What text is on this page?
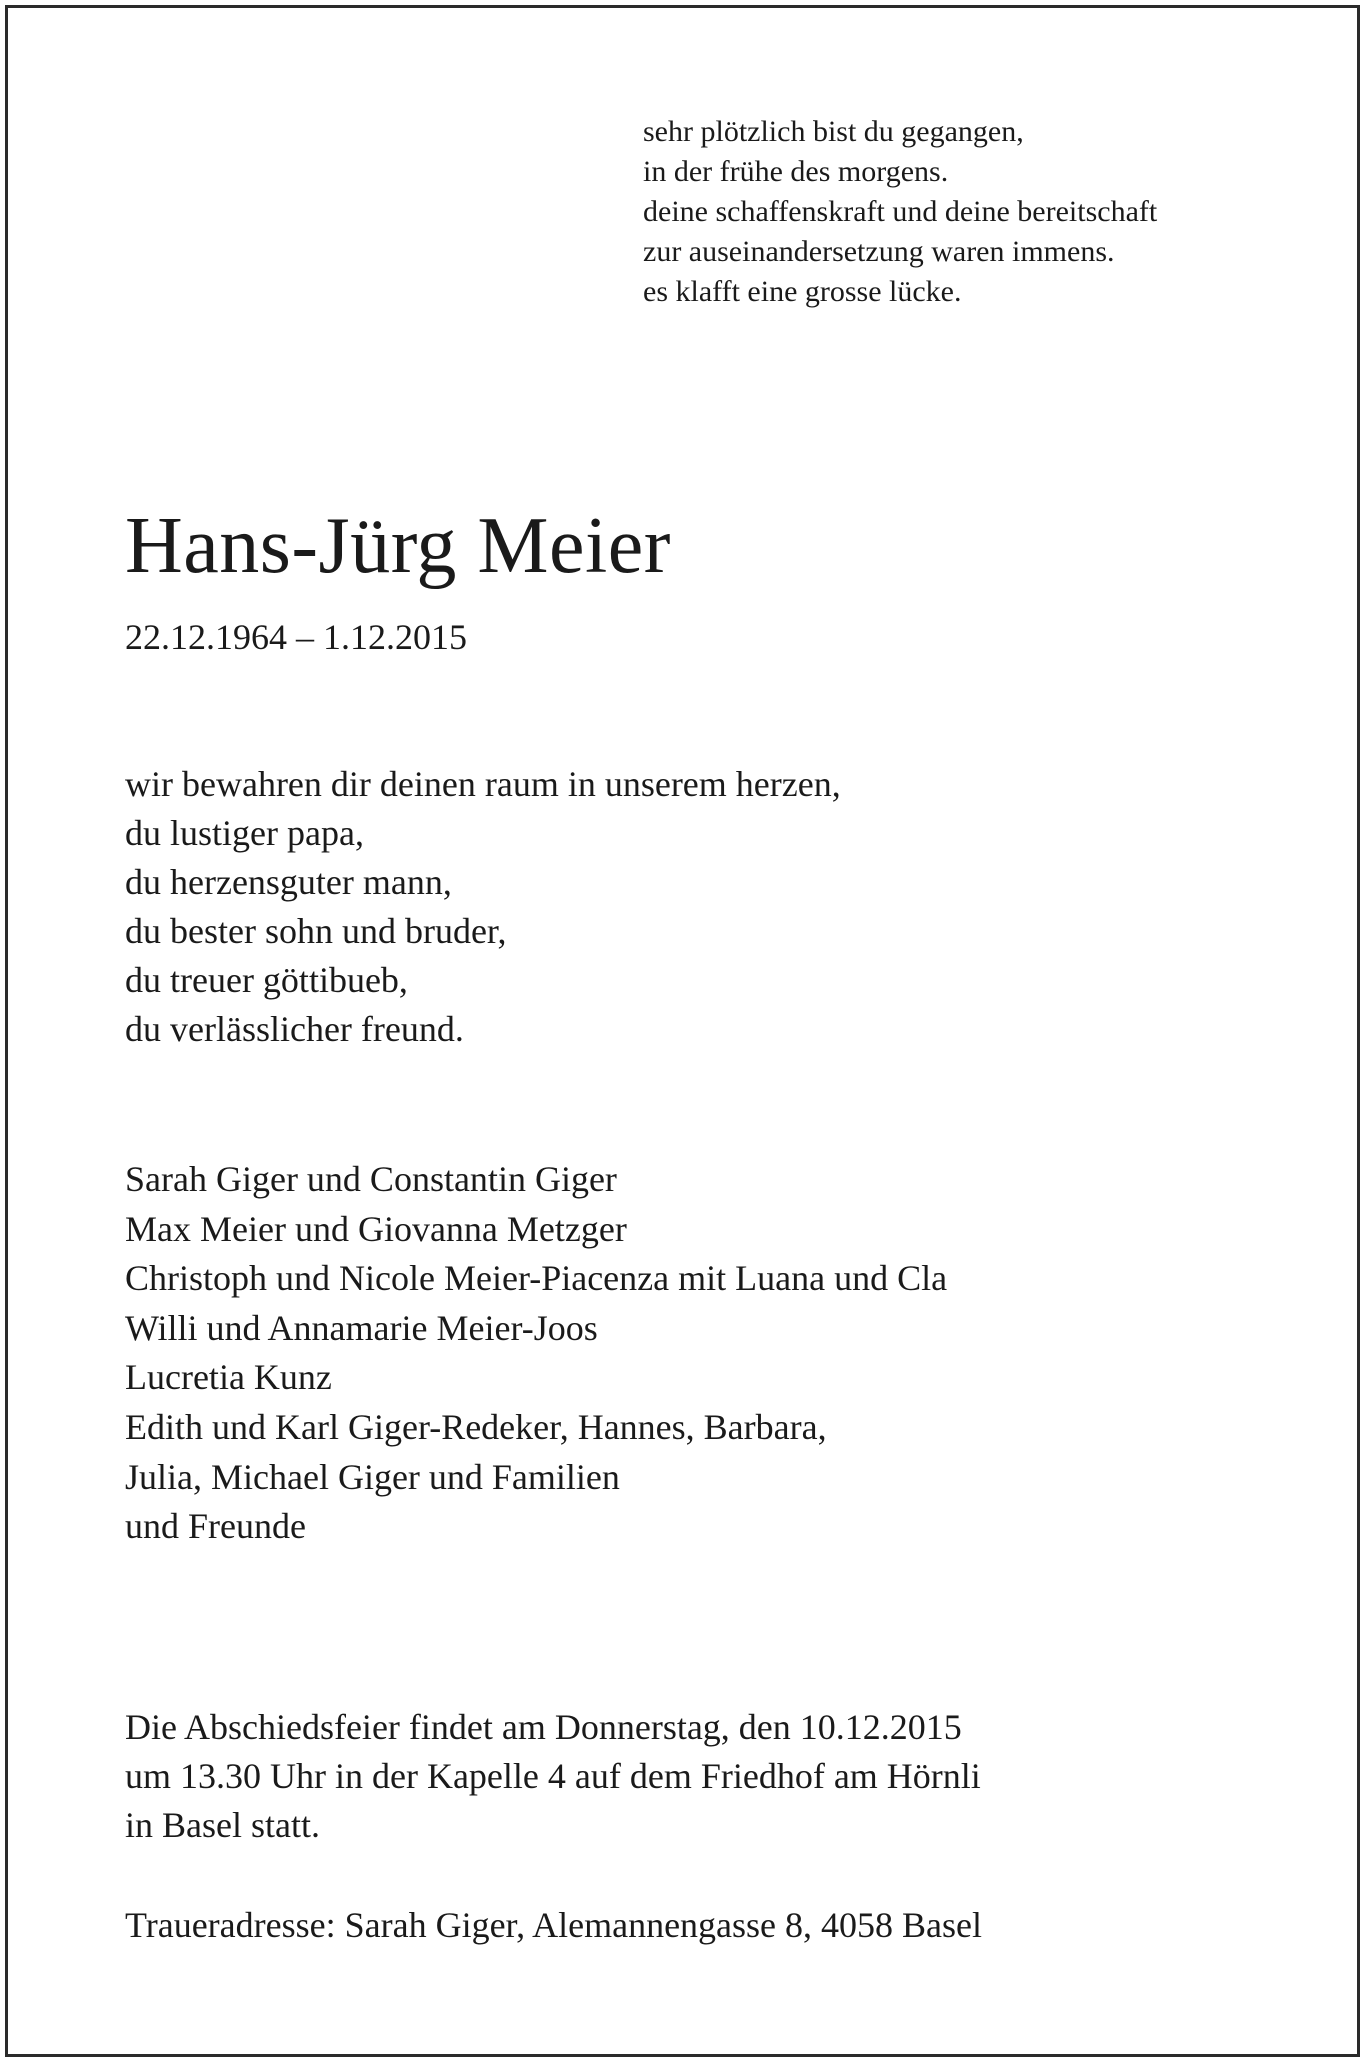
sehr plötzlich bist du gegangen,
in der frühe des morgens.
deine schaffenskraft und deine bereitschaft
zur auseinandersetzung waren immens.
es klafft eine grosse lücke.
Hans-Jürg Meier
22.12.1964 – 1.12.2015
wir bewahren dir deinen raum in unserem herzen,
du lustiger papa,
du herzensguter mann,
du bester sohn und bruder,
du treuer göttibueb,
du verlässlicher freund.
Sarah Giger und Constantin Giger
Max Meier und Giovanna Metzger
Christoph und Nicole Meier-Piacenza mit Luana und Cla
Willi und Annamarie Meier-Joos
Lucretia Kunz
Edith und Karl Giger-Redeker, Hannes, Barbara,
Julia, Michael Giger und Familien
und Freunde
Die Abschiedsfeier findet am Donnerstag, den 10.12.2015
um 13.30 Uhr in der Kapelle 4 auf dem Friedhof am Hörnli
in Basel statt.
Traueradresse: Sarah Giger, Alemannengasse 8, 4058 Basel
